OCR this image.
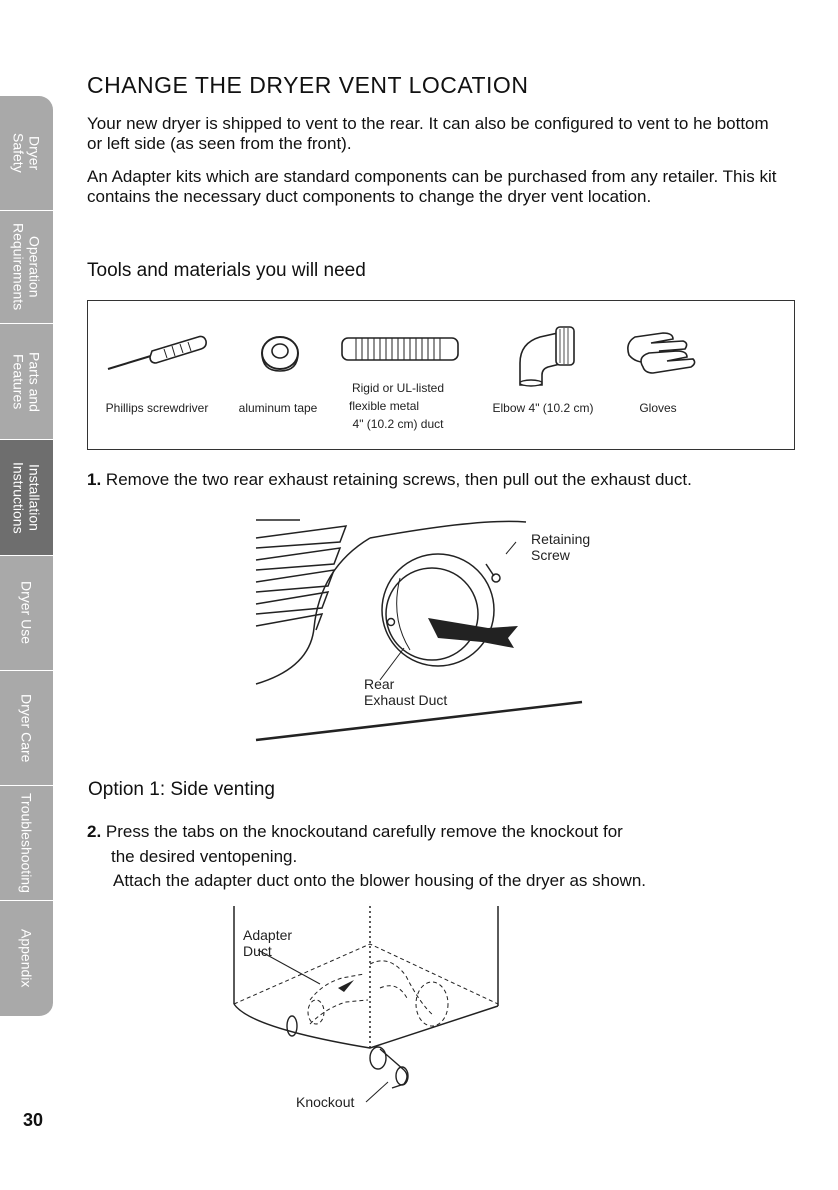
Dryer
Safety
Operation
Requirements
Parts and
Features
Installation
Instructions
Dryer Use
Dryer Care
Troubleshooting
Appendix
CHANGE THE DRYER VENT LOCATION

Your new dryer is shipped to vent to the rear. It can also be configured to vent to he bottom or left side (as seen from the front).

An Adapter kits which are standard components can be purchased from any retailer. This kit contains the necessary duct components to change the dryer vent location.

Tools and materials you will need
Phillips screwdriver	aluminum tape
Rigid or UL-listed
flexible metal
4" (10.2 cm) duct
Elbow 4" (10.2 cm)	Gloves
1. Remove the two rear exhaust retaining screws, then pull out the exhaust duct.
Retaining
Screw
Rear
Exhaust Duct
Option 1: Side venting
2. Press the tabs on the knockoutand carefully remove the knockout for
the desired ventopening.
Attach the adapter duct onto the blower housing of the dryer as shown.
Adapter
Duct
Knockout
30
